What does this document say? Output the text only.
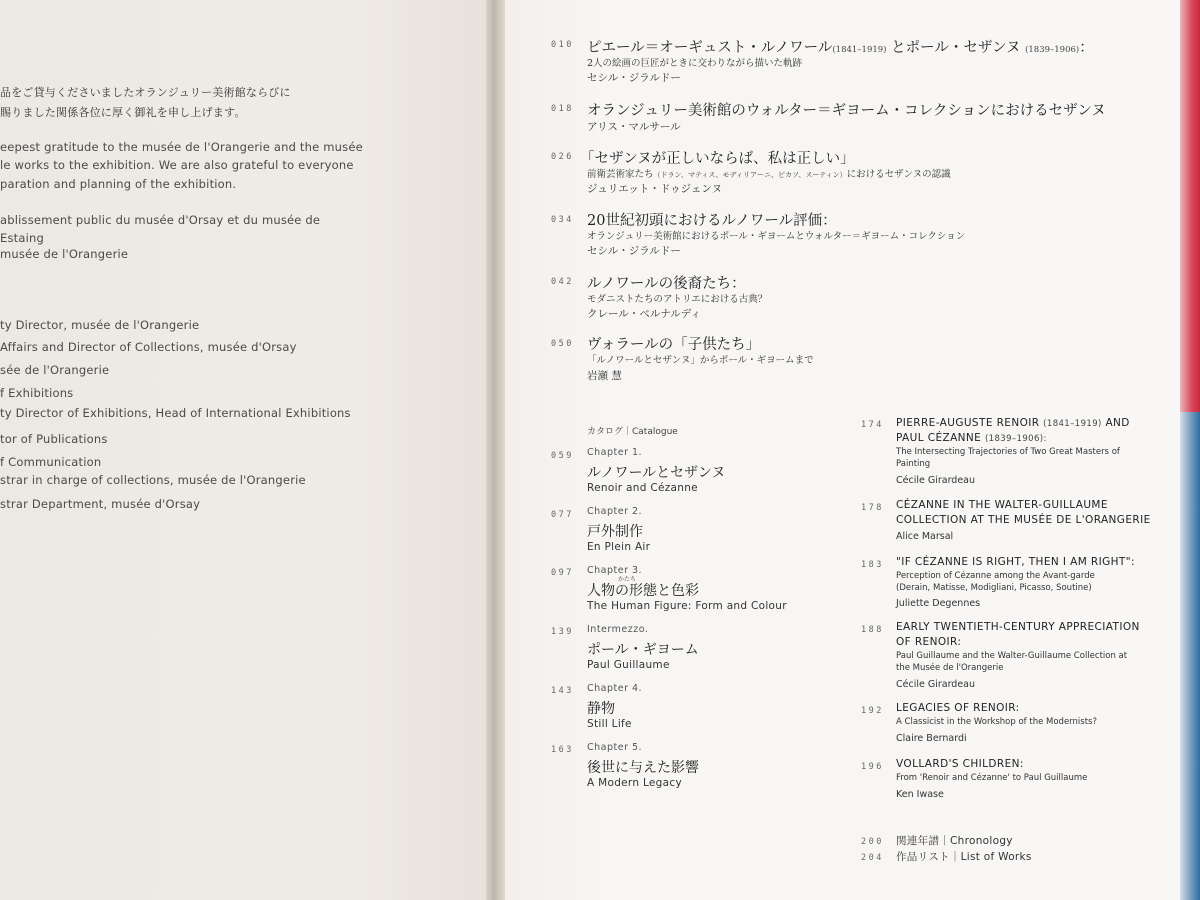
品をご貸与くださいましたオランジュリー美術館ならびに
賜りました関係各位に厚く御礼を申し上げます。
eepest gratitude to the musée de l'Orangerie and the musée
le works to the exhibition. We are also grateful to everyone
paration and planning of the exhibition.
ablissement public du musée d'Orsay et du musée de
Estaing
musée de l'Orangerie
ty Director, musée de l'Orangerie
Affairs and Director of Collections, musée d'Orsay
sée de l'Orangerie
f Exhibitions
ty Director of Exhibitions, Head of International Exhibitions
tor of Publications
f Communication
strar in charge of collections, musée de l'Orangerie
strar Department, musée d'Orsay
010 ピエール＝オーギュスト・ルノワール(1841–1919) とポール・セザンヌ (1839–1906)：
2人の絵画の巨匠がときに交わりながら描いた軌跡
セシル・ジラルドー
018 オランジュリー美術館のウォルター＝ギヨーム・コレクションにおけるセザンヌ
アリス・マルサール
026 「セザンヌが正しいならば、私は正しい」
前衛芸術家たち（ドラン、マティス、モディリアーニ、ピカソ、スーティン）におけるセザンヌの認識
ジュリエット・ドゥジェンヌ
034 20世紀初頭におけるルノワール評価：
オランジュリー美術館におけるポール・ギヨームとウォルター＝ギヨーム・コレクション
セシル・ジラルドー
042 ルノワールの後裔たち：
モダニストたちのアトリエにおける古典？
クレール・ベルナルディ
050 ヴォラールの「子供たち」
「ルノワールとセザンヌ」からポール・ギヨームまで
岩瀬 慧
カタログ｜Catalogue
059 Chapter 1.
ルノワールとセザンヌ
Renoir and Cézanne
077 Chapter 2.
戸外制作
En Plein Air
097 Chapter 3.
かたち
人物の形態と色彩
The Human Figure: Form and Colour
139 Intermezzo.
ポール・ギヨーム
Paul Guillaume
143 Chapter 4.
静物
Still Life
163 Chapter 5.
後世に与えた影響
A Modern Legacy
174 PIERRE-AUGUSTE RENOIR (1841–1919) AND
PAUL CÉZANNE (1839–1906):
The Intersecting Trajectories of Two Great Masters of
Painting
Cécile Girardeau
178 CÉZANNE IN THE WALTER-GUILLAUME
COLLECTION AT THE MUSÉE DE L'ORANGERIE
Alice Marsal
183 "IF CÉZANNE IS RIGHT, THEN I AM RIGHT":
Perception of Cézanne among the Avant-garde
(Derain, Matisse, Modigliani, Picasso, Soutine)
Juliette Degennes
188 EARLY TWENTIETH-CENTURY APPRECIATION
OF RENOIR:
Paul Guillaume and the Walter-Guillaume Collection at
the Musée de l'Orangerie
Cécile Girardeau
192 LEGACIES OF RENOIR:
A Classicist in the Workshop of the Modernists?
Claire Bernardi
196 VOLLARD'S CHILDREN:
From 'Renoir and Cézanne' to Paul Guillaume
Ken Iwase
200 関連年譜｜Chronology
204 作品リスト｜List of Works
